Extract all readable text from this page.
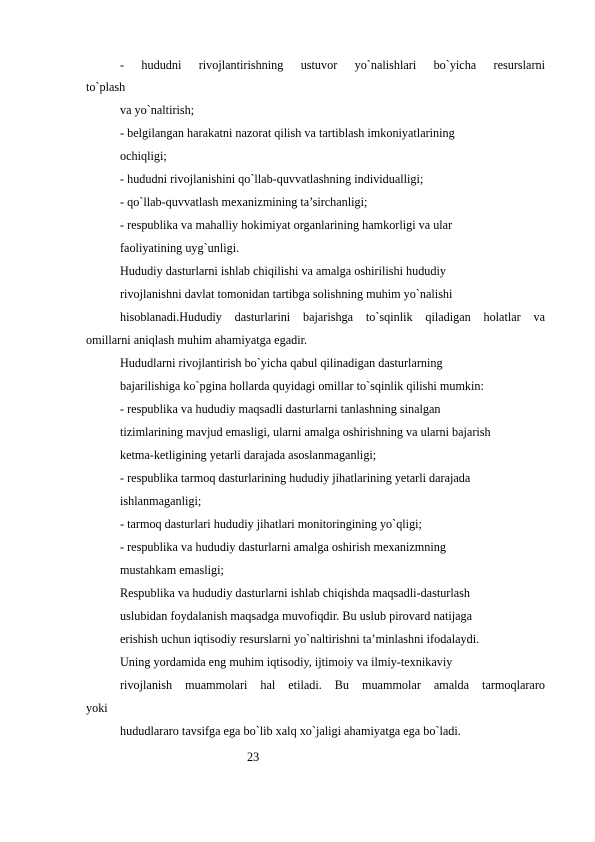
- hududni rivojlantirishning ustuvor yo`nalishlari bo`yicha resurslarni
to`plash
va yo`naltirish;
- belgilangan harakatni nazorat qilish va tartiblash imkoniyatlarining
ochiqligi;
- hududni rivojlanishini qo`llab-quvvatlashning individualligi;
- qo`llab-quvvatlash mexanizmining ta’sirchanligi;
- respublika va mahalliy hokimiyat organlarining hamkorligi va ular
faoliyatining uyg`unligi.
Hududiy dasturlarni ishlab chiqilishi va amalga oshirilishi hududiy
rivojlanishni davlat tomonidan tartibga solishning muhim yo`nalishi
hisoblanadi.Hududiy dasturlarini bajarishga to`sqinlik qiladigan holatlar va
omillarni aniqlash muhim ahamiyatga egadir.
Hududlarni rivojlantirish bo`yicha qabul qilinadigan dasturlarning
bajarilishiga ko`pgina hollarda quyidagi omillar to`sqinlik qilishi mumkin:
- respublika va hududiy maqsadli dasturlarni tanlashning sinalgan
tizimlarining mavjud emasligi, ularni amalga oshirishning va ularni bajarish
ketma-ketligining yetarli darajada asoslanmaganligi;
- respublika tarmoq dasturlarining hududiy jihatlarining yetarli darajada
ishlanmaganligi;
- tarmoq dasturlari hududiy jihatlari monitoringining yo`qligi;
- respublika va hududiy dasturlarni amalga oshirish mexanizmning
mustahkam emasligi;
Respublika va hududiy dasturlarni ishlab chiqishda maqsadli-dasturlash
uslubidan foydalanish maqsadga muvofiqdir. Bu uslub pirovard natijaga
erishish uchun iqtisodiy resurslarni yo`naltirishni ta’minlashni ifodalaydi.
Uning yordamida eng muhim iqtisodiy, ijtimoiy va ilmiy-texnikaviy
rivojlanish muammolari hal etiladi. Bu muammolar amalda tarmoqlararo
yoki
hududlararo tavsifga ega bo`lib xalq xo`jaligi ahamiyatga ega bo`ladi.
23
